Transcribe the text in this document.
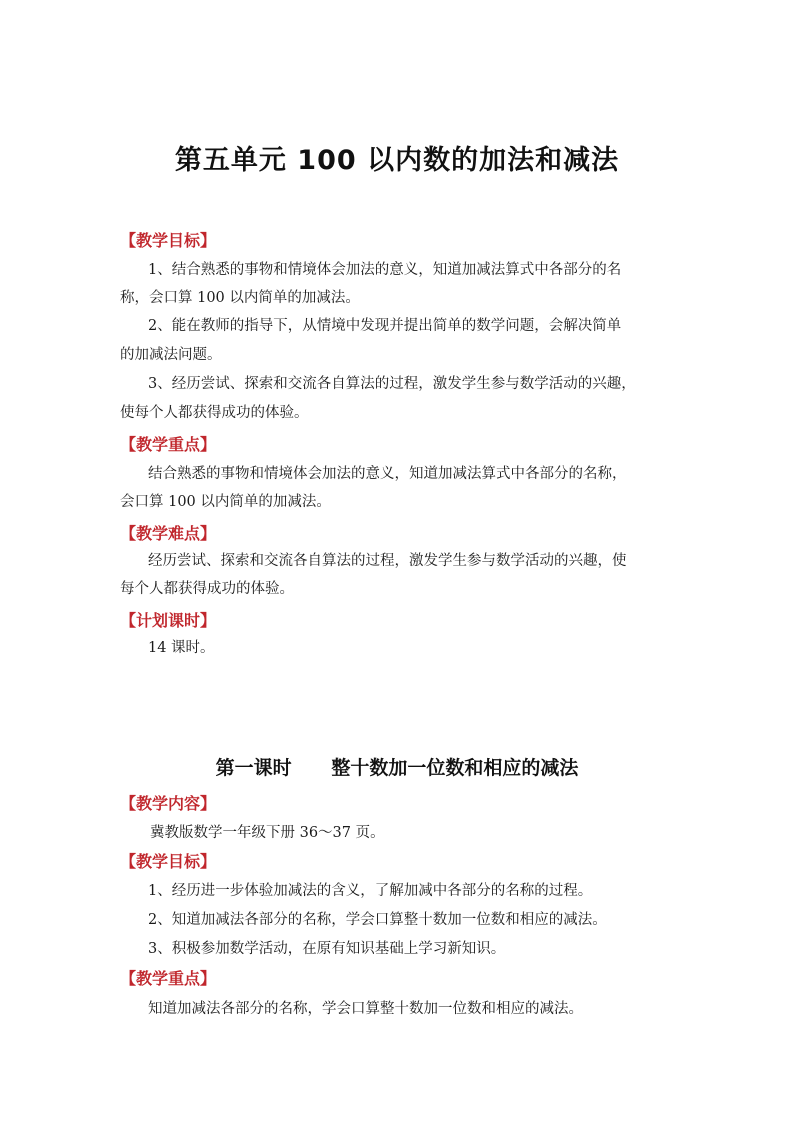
第五单元 100 以内数的加法和减法
【教学目标】
1、结合熟悉的事物和情境体会加法的意义，知道加减法算式中各部分的名
称，会口算 100 以内简单的加减法。
2、能在教师的指导下，从情境中发现并提出简单的数学问题，会解决简单
的加减法问题。
3、经历尝试、探索和交流各自算法的过程，激发学生参与数学活动的兴趣，
使每个人都获得成功的体验。
【教学重点】
结合熟悉的事物和情境体会加法的意义，知道加减法算式中各部分的名称，
会口算 100 以内简单的加减法。
【教学难点】
经历尝试、探索和交流各自算法的过程，激发学生参与数学活动的兴趣，使
每个人都获得成功的体验。
【计划课时】
14 课时。
第一课时      整十数加一位数和相应的减法
【教学内容】
冀教版数学一年级下册 36～37 页。
【教学目标】
1、经历进一步体验加减法的含义，了解加减中各部分的名称的过程。
2、知道加减法各部分的名称，学会口算整十数加一位数和相应的减法。
3、积极参加数学活动，在原有知识基础上学习新知识。
【教学重点】
知道加减法各部分的名称，学会口算整十数加一位数和相应的减法。
